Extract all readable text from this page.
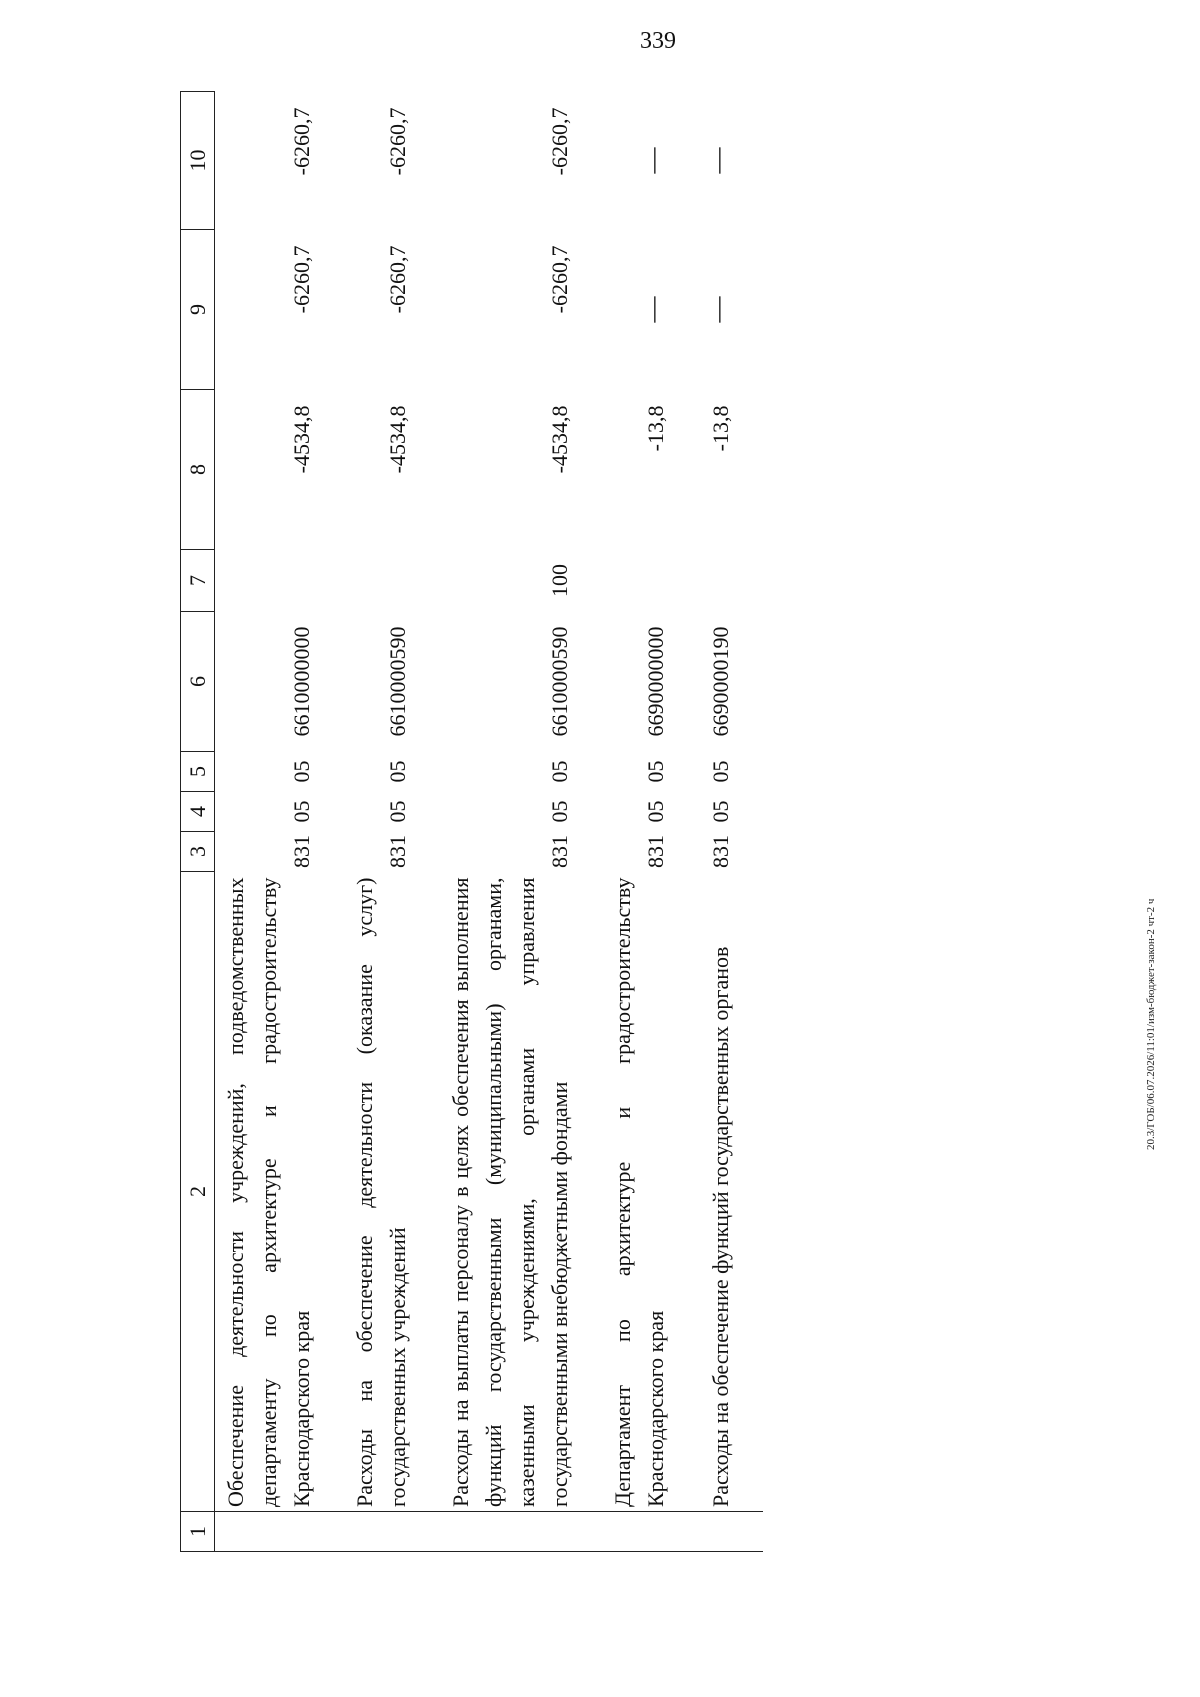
339
20.3/ГОБ/06.07.2026/11:01/изм-бюджет-закон-2 чт-2 ч
1	2	3	4	5	6	7	8	9	10
	Обеспечение деятельности учреждений, подведомственных департаменту по архитектуре и градостроительству Краснодарского края	831	05	05	6610000000		-4534,8	-6260,7	-6260,7

	Расходы на обеспечение деятельности (оказание услуг) государственных учреждений	831	05	05	6610000590		-4534,8	-6260,7	-6260,7

	Расходы на выплаты персоналу в целях обеспечения выполнения функций государственными (муниципальными) органами, казенными учреждениями, органами управления государственными внебюджетными фондами	831	05	05	6610000590	100	-4534,8	-6260,7	-6260,7

	Департамент по архитектуре и градостроительству Краснодарского края	831	05	05	6690000000		-13,8	—	—

	Расходы на обеспечение функций государственных органов	831	05	05	6690000190		-13,8	—	—
